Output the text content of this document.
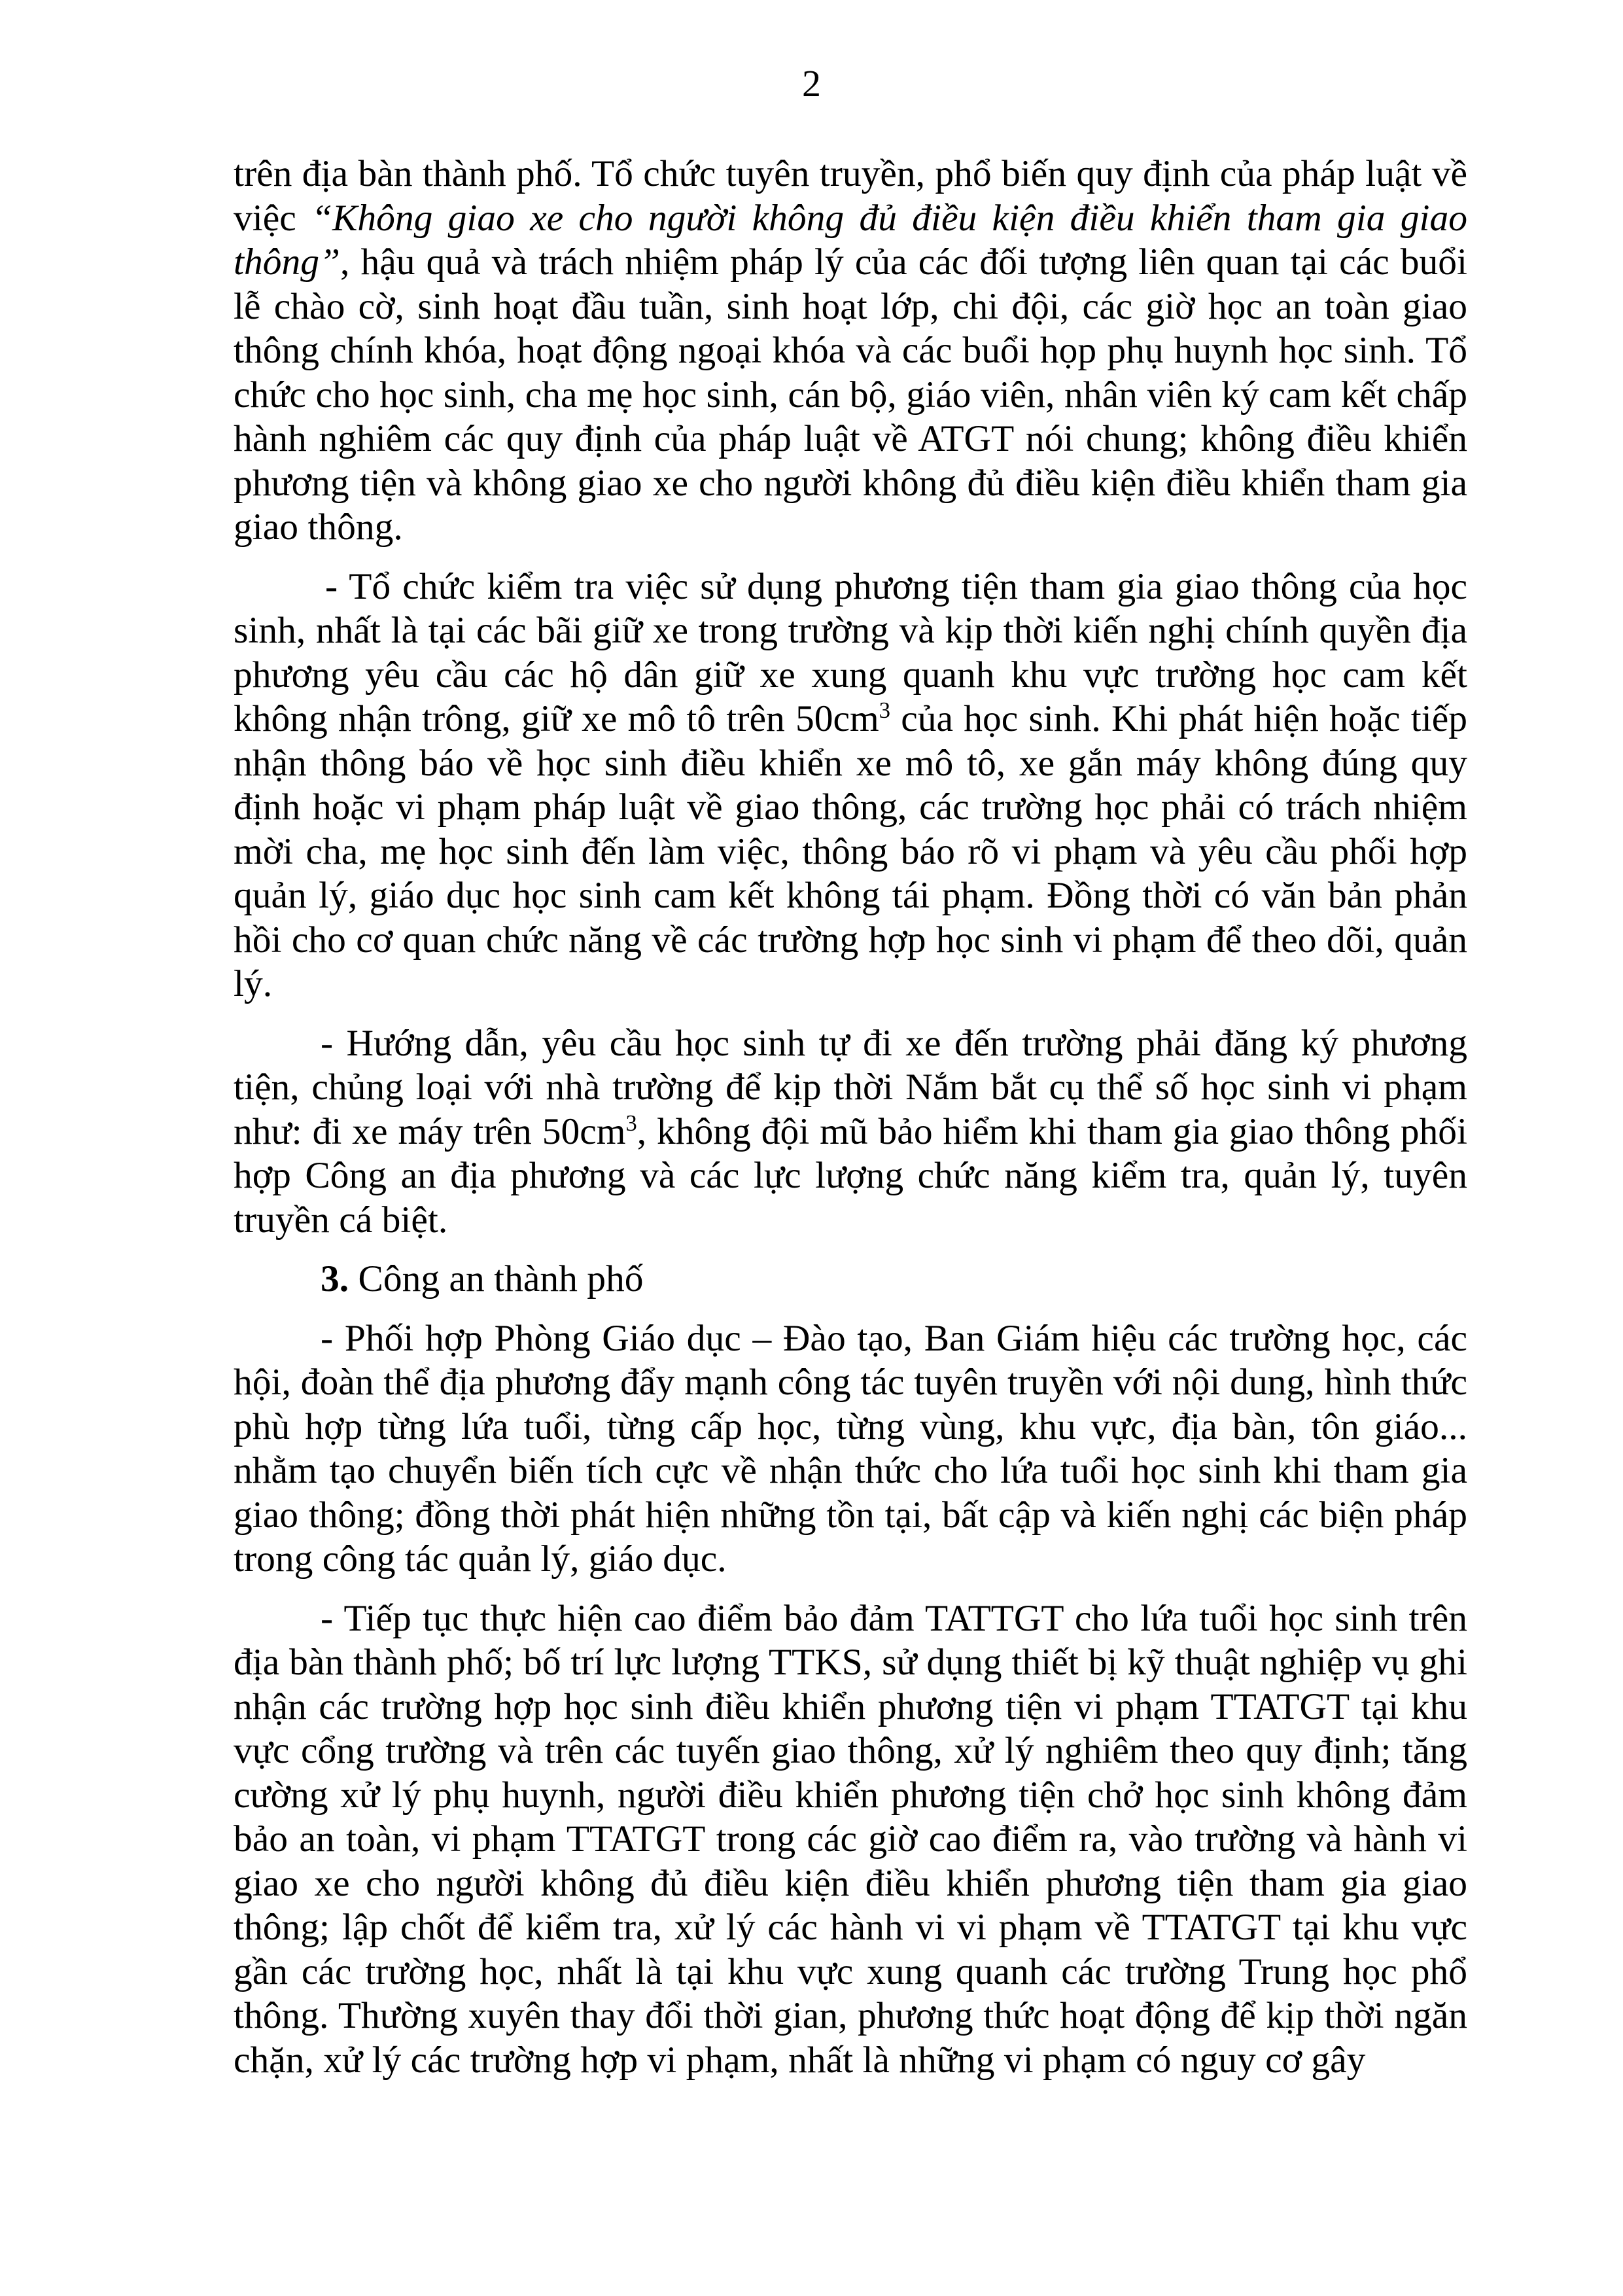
2

trên địa bàn thành phố. Tổ chức tuyên truyền, phổ biến quy định của pháp luật về việc “Không giao xe cho người không đủ điều kiện điều khiển tham gia giao thông”, hậu quả và trách nhiệm pháp lý của các đối tượng liên quan tại các buổi lễ chào cờ, sinh hoạt đầu tuần, sinh hoạt lớp, chi đội, các giờ học an toàn giao thông chính khóa, hoạt động ngoại khóa và các buổi họp phụ huynh học sinh. Tổ chức cho học sinh, cha mẹ học sinh, cán bộ, giáo viên, nhân viên ký cam kết chấp hành nghiêm các quy định của pháp luật về ATGT nói chung; không điều khiển phương tiện và không giao xe cho người không đủ điều kiện điều khiển tham gia giao thông.

- Tổ chức kiểm tra việc sử dụng phương tiện tham gia giao thông của học sinh, nhất là tại các bãi giữ xe trong trường và kịp thời kiến nghị chính quyền địa phương yêu cầu các hộ dân giữ xe xung quanh khu vực trường học cam kết không nhận trông, giữ xe mô tô trên $50cm^3$ của học sinh. Khi phát hiện hoặc tiếp nhận thông báo về học sinh điều khiển xe mô tô, xe gắn máy không đúng quy định hoặc vi phạm pháp luật về giao thông, các trường học phải có trách nhiệm mời cha, mẹ học sinh đến làm việc, thông báo rõ vi phạm và yêu cầu phối hợp quản lý, giáo dục học sinh cam kết không tái phạm. Đồng thời có văn bản phản hồi cho cơ quan chức năng về các trường hợp học sinh vi phạm để theo dõi, quản lý.

- Hướng dẫn, yêu cầu học sinh tự đi xe đến trường phải đăng ký phương tiện, chủng loại với nhà trường để kịp thời Nắm bắt cụ thể số học sinh vi phạm như: đi xe máy trên $50cm^3$, không đội mũ bảo hiểm khi tham gia giao thông phối hợp Công an địa phương và các lực lượng chức năng kiểm tra, quản lý, tuyên truyền cá biệt.

3. Công an thành phố

- Phối hợp Phòng Giáo dục – Đào tạo, Ban Giám hiệu các trường học, các hội, đoàn thể địa phương đẩy mạnh công tác tuyên truyền với nội dung, hình thức phù hợp từng lứa tuổi, từng cấp học, từng vùng, khu vực, địa bàn, tôn giáo... nhằm tạo chuyển biến tích cực về nhận thức cho lứa tuổi học sinh khi tham gia giao thông; đồng thời phát hiện những tồn tại, bất cập và kiến nghị các biện pháp trong công tác quản lý, giáo dục.

- Tiếp tục thực hiện cao điểm bảo đảm TATTGT cho lứa tuổi học sinh trên địa bàn thành phố; bố trí lực lượng TTKS, sử dụng thiết bị kỹ thuật nghiệp vụ ghi nhận các trường hợp học sinh điều khiển phương tiện vi phạm TTATGT tại khu vực cổng trường và trên các tuyến giao thông, xử lý nghiêm theo quy định; tăng cường xử lý phụ huynh, người điều khiển phương tiện chở học sinh không đảm bảo an toàn, vi phạm TTATGT trong các giờ cao điểm ra, vào trường và hành vi giao xe cho người không đủ điều kiện điều khiển phương tiện tham gia giao thông; lập chốt để kiểm tra, xử lý các hành vi vi phạm về TTATGT tại khu vực gần các trường học, nhất là tại khu vực xung quanh các trường Trung học phổ thông. Thường xuyên thay đổi thời gian, phương thức hoạt động để kịp thời ngăn chặn, xử lý các trường hợp vi phạm, nhất là những vi phạm có nguy cơ gây
